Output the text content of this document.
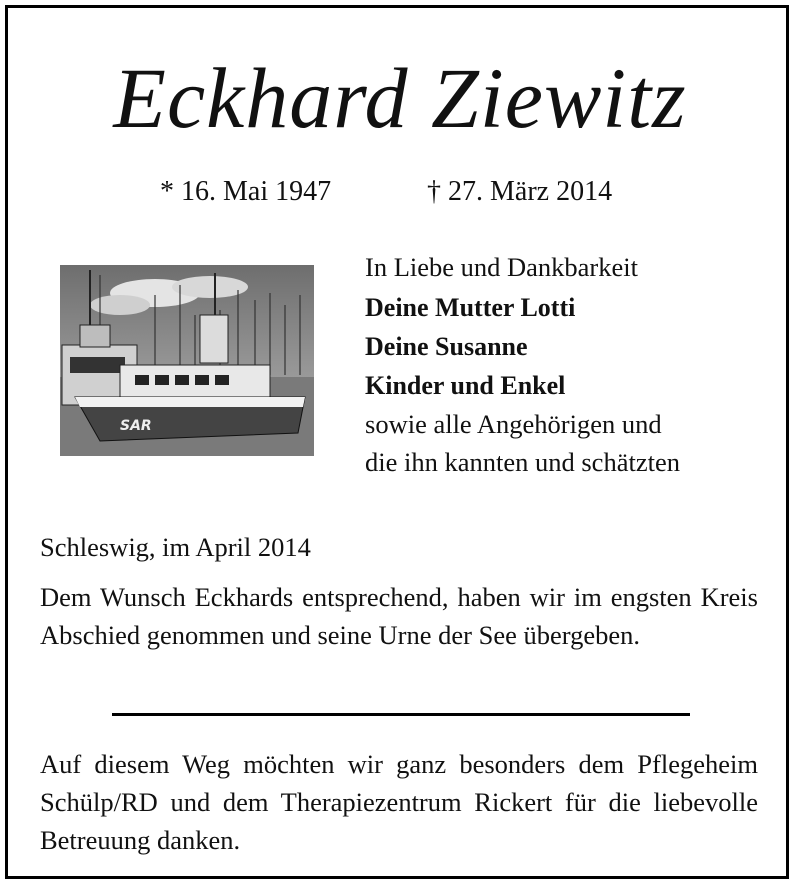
Eckhard Ziewitz
* 16. Mai 1947	† 27. März 2014
SAR
In Liebe und Dankbarkeit
Deine Mutter Lotti
Deine Susanne
Kinder und Enkel
sowie alle Angehörigen und
die ihn kannten und schätzten
Schleswig, im April 2014
Dem Wunsch Eckhards entsprechend, haben wir im engsten Kreis Abschied genommen und seine Urne der See übergeben.
Auf diesem Weg möchten wir ganz besonders dem Pflegeheim Schülp/RD und dem Therapiezentrum Rickert für die liebevolle Betreuung danken.
